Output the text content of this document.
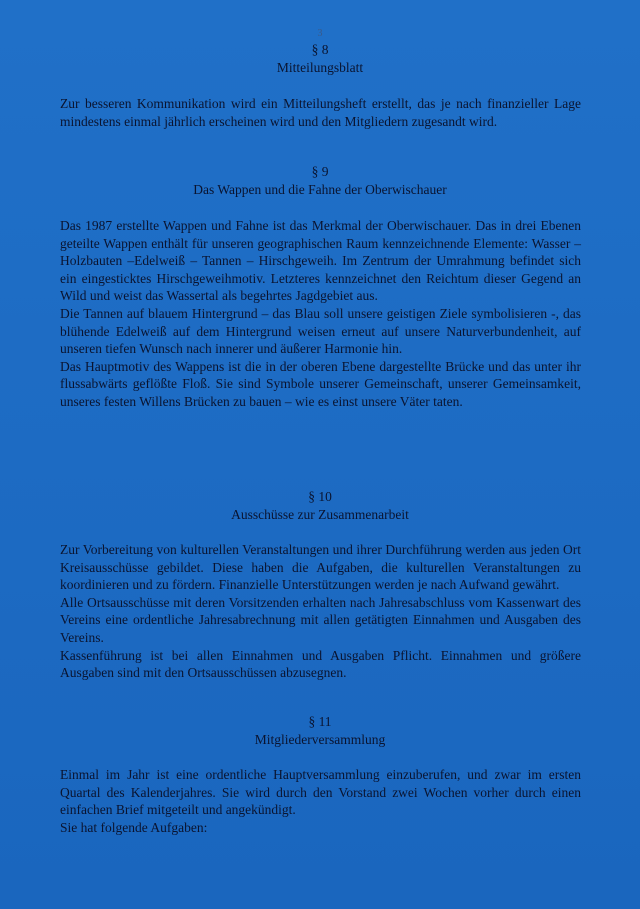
3
§ 8
Mitteilungsblatt

Zur besseren Kommunikation wird ein Mitteilungsheft erstellt, das je nach finanzieller Lage mindestens einmal jährlich erscheinen wird und den Mitgliedern zugesandt wird.

§ 9
Das Wappen und die Fahne der Oberwischauer

Das 1987 erstellte Wappen und Fahne ist das Merkmal der Oberwischauer. Das in drei Ebenen geteilte Wappen enthält für unseren geographischen Raum kennzeichnende Elemente: Wasser – Holzbauten –Edelweiß – Tannen – Hirschgeweih. Im Zentrum der Umrahmung befindet sich ein eingesticktes Hirschgeweihmotiv. Letzteres kennzeichnet den Reichtum dieser Gegend an Wild und weist das Wassertal als begehrtes Jagdgebiet aus.

Die Tannen auf blauem Hintergrund – das Blau soll unsere geistigen Ziele symbolisieren -, das blühende Edelweiß auf dem Hintergrund weisen erneut auf unsere Naturverbundenheit, auf unseren tiefen Wunsch nach innerer und äußerer Harmonie hin.

Das Hauptmotiv des Wappens ist die in der oberen Ebene dargestellte Brücke und das unter ihr flussabwärts geflößte Floß. Sie sind Symbole unserer Gemeinschaft, unserer Gemeinsamkeit, unseres festen Willens Brücken zu bauen – wie es einst unsere Väter taten.

§ 10
Ausschüsse zur Zusammenarbeit

Zur Vorbereitung von kulturellen Veranstaltungen und ihrer Durchführung werden aus jeden Ort Kreisausschüsse gebildet. Diese haben die Aufgaben, die kulturellen Veranstaltungen zu koordinieren und zu fördern. Finanzielle Unterstützungen werden je nach Aufwand gewährt.

Alle Ortsausschüsse mit deren Vorsitzenden erhalten nach Jahresabschluss vom Kassenwart des Vereins eine ordentliche Jahresabrechnung mit allen getätigten Einnahmen und Ausgaben des Vereins.

Kassenführung ist bei allen Einnahmen und Ausgaben Pflicht. Einnahmen und größere Ausgaben sind mit den Ortsausschüssen abzusegnen.

§ 11
Mitgliederversammlung

Einmal im Jahr ist eine ordentliche Hauptversammlung einzuberufen, und zwar im ersten Quartal des Kalenderjahres. Sie wird durch den Vorstand zwei Wochen vorher durch einen einfachen Brief mitgeteilt und angekündigt.

Sie hat folgende Aufgaben:
